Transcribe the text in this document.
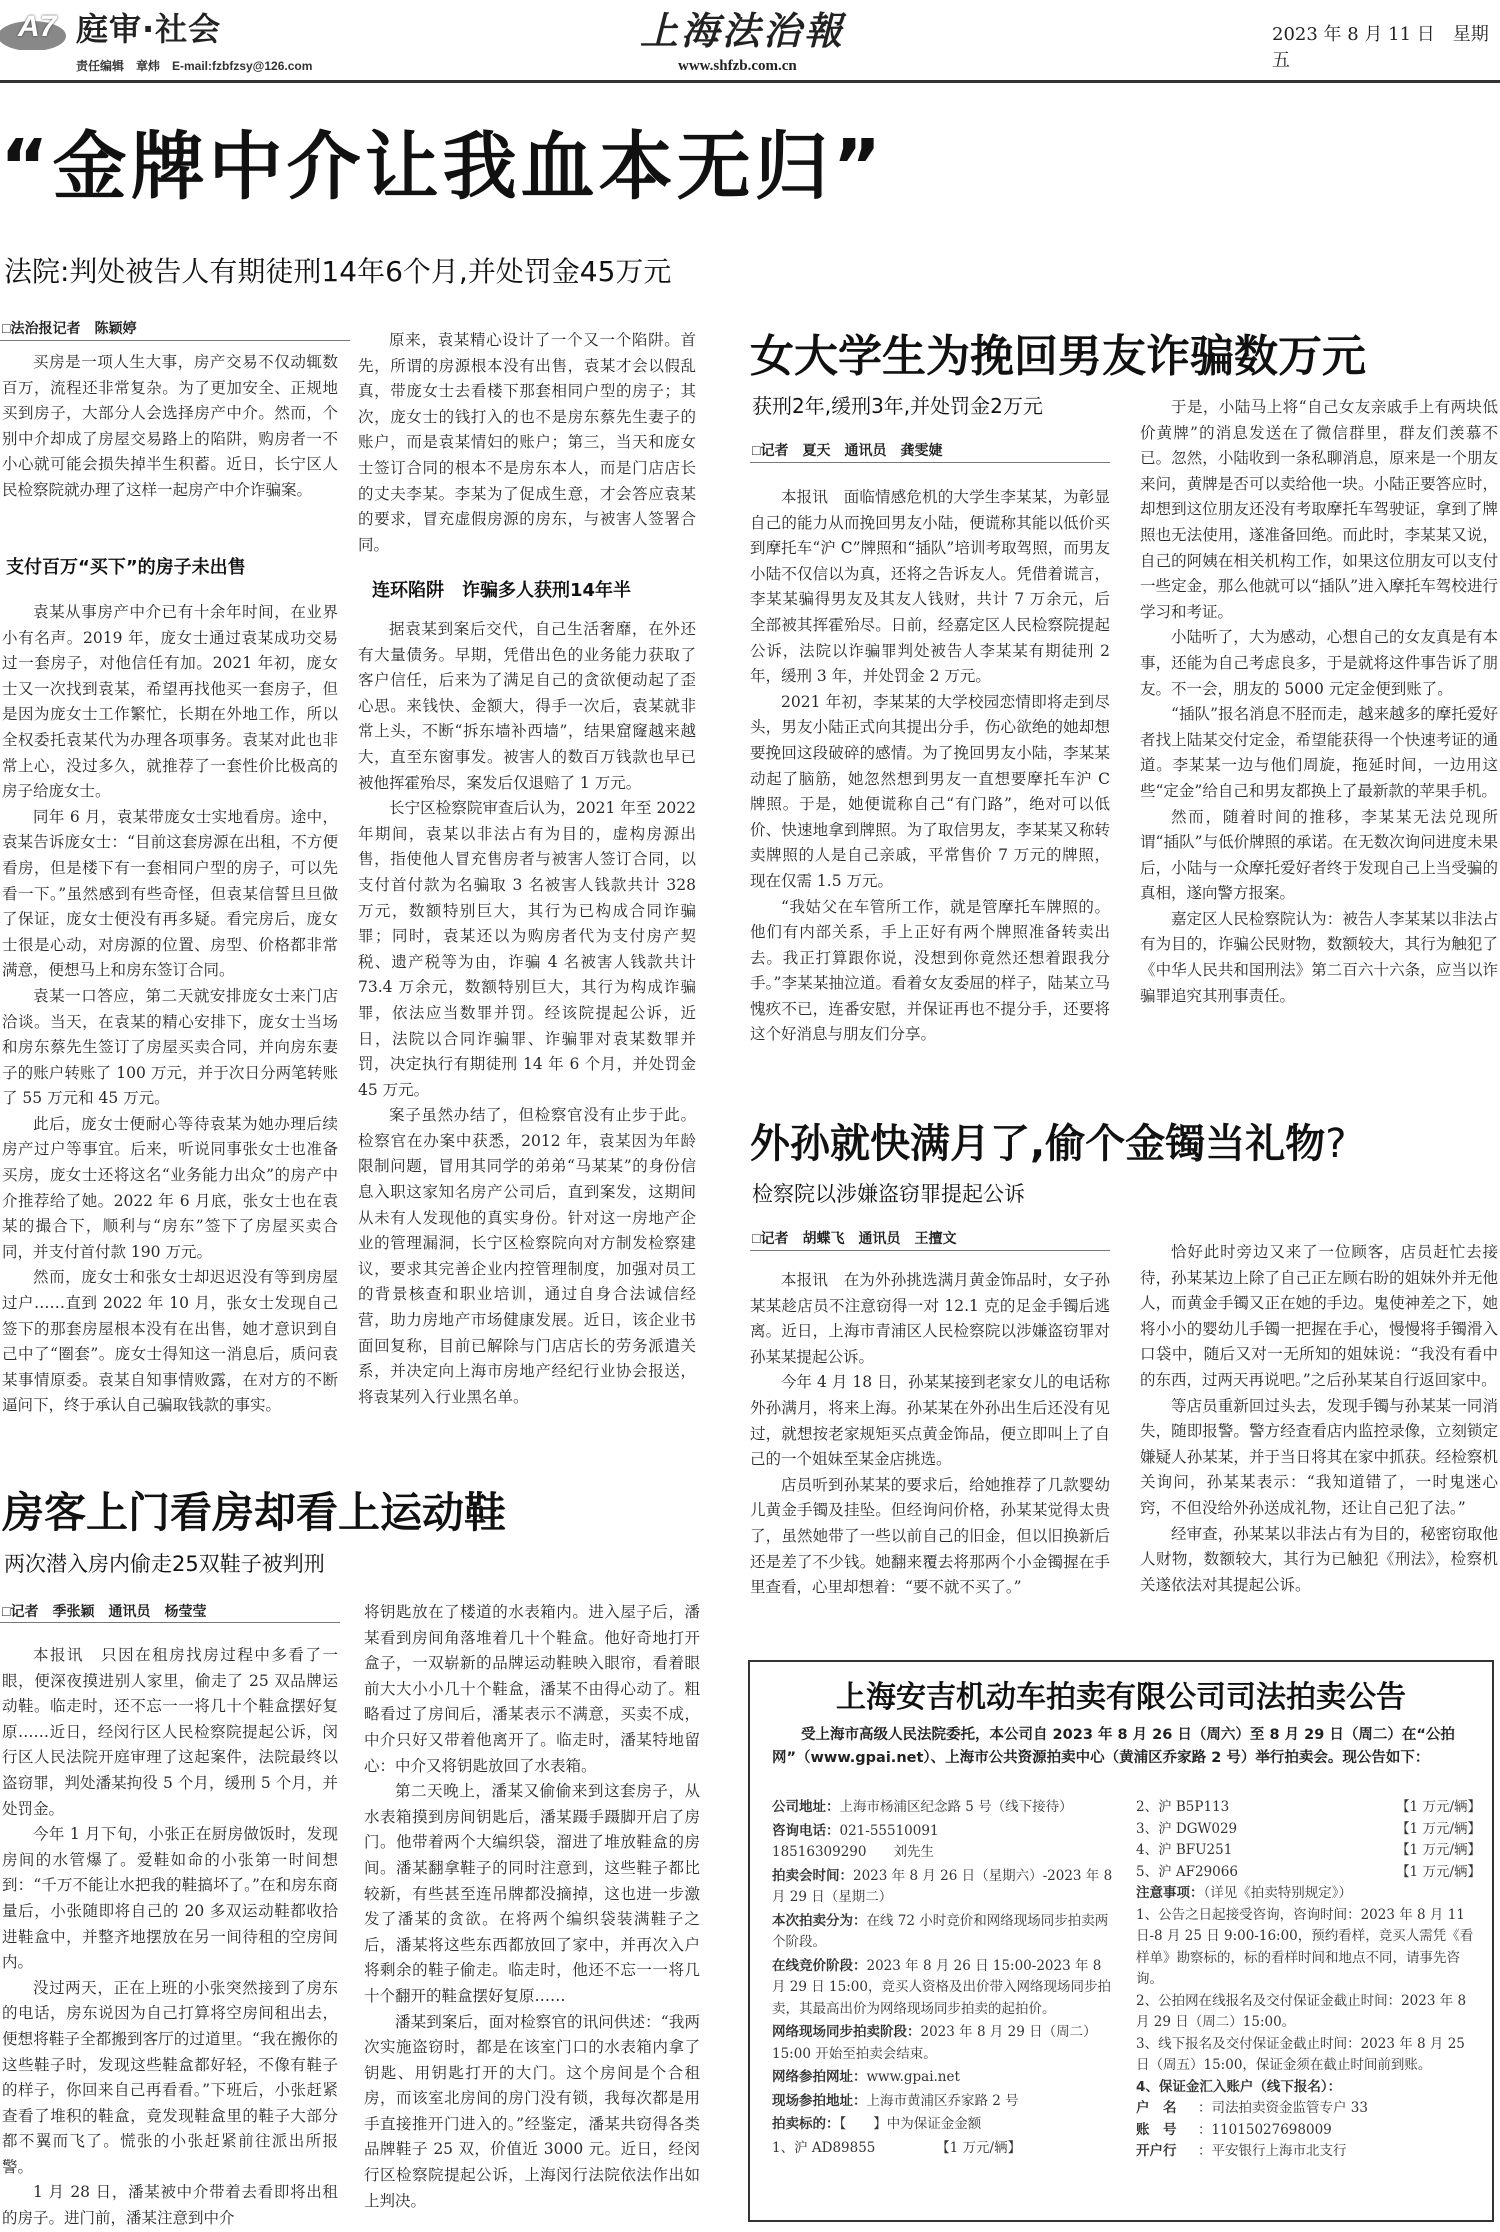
A7 庭审·社会
责任编辑　章炜　E-mail:fzbfzsy@126.com
上海法治報
www.shfzb.com.cn
2023 年 8 月 11 日　星期五
“金牌中介让我血本无归”
法院:判处被告人有期徒刑14年6个月,并处罚金45万元
□法治报记者　陈颖婷

买房是一项人生大事，房产交易不仅动辄数百万，流程还非常复杂。为了更加安全、正规地买到房子，大部分人会选择房产中介。然而，个别中介却成了房屋交易路上的陷阱，购房者一不小心就可能会损失掉半生积蓄。近日，长宁区人民检察院就办理了这样一起房产中介诈骗案。

支付百万“买下”的房子未出售

袁某从事房产中介已有十余年时间，在业界小有名声。2019 年，庞女士通过袁某成功交易过一套房子，对他信任有加。2021 年初，庞女士又一次找到袁某，希望再找他买一套房子，但是因为庞女士工作繁忙，长期在外地工作，所以全权委托袁某代为办理各项事务。袁某对此也非常上心，没过多久，就推荐了一套性价比极高的房子给庞女士。

同年 6 月，袁某带庞女士实地看房。途中，袁某告诉庞女士：“目前这套房源在出租，不方便看房，但是楼下有一套相同户型的房子，可以先看一下。”虽然感到有些奇怪，但袁某信誓旦旦做了保证，庞女士便没有再多疑。看完房后，庞女士很是心动，对房源的位置、房型、价格都非常满意，便想马上和房东签订合同。

袁某一口答应，第二天就安排庞女士来门店洽谈。当天，在袁某的精心安排下，庞女士当场和房东蔡先生签订了房屋买卖合同，并向房东妻子的账户转账了 100 万元，并于次日分两笔转账了 55 万元和 45 万元。

此后，庞女士便耐心等待袁某为她办理后续房产过户等事宜。后来，听说同事张女士也准备买房，庞女士还将这名“业务能力出众”的房产中介推荐给了她。2022 年 6 月底，张女士也在袁某的撮合下，顺利与“房东”签下了房屋买卖合同，并支付首付款 190 万元。

然而，庞女士和张女士却迟迟没有等到房屋过户……直到 2022 年 10 月，张女士发现自己签下的那套房屋根本没有在出售，她才意识到自己中了“圈套”。庞女士得知这一消息后，质问袁某事情原委。袁某自知事情败露，在对方的不断逼问下，终于承认自己骗取钱款的事实。

原来，袁某精心设计了一个又一个陷阱。首先，所谓的房源根本没有出售，袁某才会以假乱真，带庞女士去看楼下那套相同户型的房子；其次，庞女士的钱打入的也不是房东蔡先生妻子的账户，而是袁某情妇的账户；第三，当天和庞女士签订合同的根本不是房东本人，而是门店店长的丈夫李某。李某为了促成生意，才会答应袁某的要求，冒充虚假房源的房东，与被害人签署合同。

连环陷阱　诈骗多人获刑14年半

据袁某到案后交代，自己生活奢靡，在外还有大量债务。早期，凭借出色的业务能力获取了客户信任，后来为了满足自己的贪欲便动起了歪心思。来钱快、金额大，得手一次后，袁某就非常上头，不断“拆东墙补西墙”，结果窟窿越来越大，直至东窗事发。被害人的数百万钱款也早已被他挥霍殆尽，案发后仅退赔了 1 万元。

长宁区检察院审查后认为，2021 年至 2022 年期间，袁某以非法占有为目的，虚构房源出售，指使他人冒充售房者与被害人签订合同，以支付首付款为名骗取 3 名被害人钱款共计 328 万元，数额特别巨大，其行为已构成合同诈骗罪；同时，袁某还以为购房者代为支付房产契税、遗产税等为由，诈骗 4 名被害人钱款共计 73.4 万余元，数额特别巨大，其行为构成诈骗罪，依法应当数罪并罚。经该院提起公诉，近日，法院以合同诈骗罪、诈骗罪对袁某数罪并罚，决定执行有期徒刑 14 年 6 个月，并处罚金 45 万元。

案子虽然办结了，但检察官没有止步于此。检察官在办案中获悉，2012 年，袁某因为年龄限制问题，冒用其同学的弟弟“马某某”的身份信息入职这家知名房产公司后，直到案发，这期间从未有人发现他的真实身份。针对这一房地产企业的管理漏洞，长宁区检察院向对方制发检察建议，要求其完善企业内控管理制度，加强对员工的背景核查和职业培训，通过自身合法诚信经营，助力房地产市场健康发展。近日，该企业书面回复称，目前已解除与门店店长的劳务派遣关系，并决定向上海市房地产经纪行业协会报送，将袁某列入行业黑名单。

女大学生为挽回男友诈骗数万元
获刑2年,缓刑3年,并处罚金2万元
□记者　夏天　通讯员　龚雯婕

本报讯　面临情感危机的大学生李某某，为彰显自己的能力从而挽回男友小陆，便谎称其能以低价买到摩托车“沪 C”牌照和“插队”培训考取驾照，而男友小陆不仅信以为真，还将之告诉友人。凭借着谎言，李某某骗得男友及其友人钱财，共计 7 万余元，后全部被其挥霍殆尽。日前，经嘉定区人民检察院提起公诉，法院以诈骗罪判处被告人李某某有期徒刑 2 年，缓刑 3 年，并处罚金 2 万元。

2021 年初，李某某的大学校园恋情即将走到尽头，男友小陆正式向其提出分手，伤心欲绝的她却想要挽回这段破碎的感情。为了挽回男友小陆，李某某动起了脑筋，她忽然想到男友一直想要摩托车沪 C 牌照。于是，她便谎称自己“有门路”，绝对可以低价、快速地拿到牌照。为了取信男友，李某某又称转卖牌照的人是自己亲戚，平常售价 7 万元的牌照，现在仅需 1.5 万元。

“我姑父在车管所工作，就是管摩托车牌照的。他们有内部关系，手上正好有两个牌照准备转卖出去。我正打算跟你说，没想到你竟然还想着跟我分手。”李某某抽泣道。看着女友委屈的样子，陆某立马愧疚不已，连番安慰，并保证再也不提分手，还要将这个好消息与朋友们分享。

于是，小陆马上将“自己女友亲戚手上有两块低价黄牌”的消息发送在了微信群里，群友们羡慕不已。忽然，小陆收到一条私聊消息，原来是一个朋友来问，黄牌是否可以卖给他一块。小陆正要答应时，却想到这位朋友还没有考取摩托车驾驶证，拿到了牌照也无法使用，遂准备回绝。而此时，李某某又说，自己的阿姨在相关机构工作，如果这位朋友可以支付一些定金，那么他就可以“插队”进入摩托车驾校进行学习和考证。

小陆听了，大为感动，心想自己的女友真是有本事，还能为自己考虑良多，于是就将这件事告诉了朋友。不一会，朋友的 5000 元定金便到账了。

“插队”报名消息不胫而走，越来越多的摩托爱好者找上陆某交付定金，希望能获得一个快速考证的通道。李某某一边与他们周旋，拖延时间，一边用这些“定金”给自己和男友都换上了最新款的苹果手机。

然而，随着时间的推移，李某某无法兑现所谓“插队”与低价牌照的承诺。在无数次询问进度未果后，小陆与一众摩托爱好者终于发现自己上当受骗的真相，遂向警方报案。

嘉定区人民检察院认为：被告人李某某以非法占有为目的，诈骗公民财物，数额较大，其行为触犯了《中华人民共和国刑法》第二百六十六条，应当以诈骗罪追究其刑事责任。

外孙就快满月了,偷个金镯当礼物?
检察院以涉嫌盗窃罪提起公诉
□记者　胡蝶飞　通讯员　王擅文

本报讯　在为外孙挑选满月黄金饰品时，女子孙某某趁店员不注意窃得一对 12.1 克的足金手镯后逃离。近日，上海市青浦区人民检察院以涉嫌盗窃罪对孙某某提起公诉。

今年 4 月 18 日，孙某某接到老家女儿的电话称外孙满月，将来上海。孙某某在外孙出生后还没有见过，就想按老家规矩买点黄金饰品，便立即叫上了自己的一个姐妹至某金店挑选。

店员听到孙某某的要求后，给她推荐了几款婴幼儿黄金手镯及挂坠。但经询问价格，孙某某觉得太贵了，虽然她带了一些以前自己的旧金，但以旧换新后还是差了不少钱。她翻来覆去将那两个小金镯握在手里查看，心里却想着：“要不就不买了。”

恰好此时旁边又来了一位顾客，店员赶忙去接待，孙某某边上除了自己正左顾右盼的姐妹外并无他人，而黄金手镯又正在她的手边。鬼使神差之下，她将小小的婴幼儿手镯一把握在手心，慢慢将手镯滑入口袋中，随后又对一无所知的姐妹说：“我没有看中的东西，过两天再说吧。”之后孙某某自行返回家中。

等店员重新回过头去，发现手镯与孙某某一同消失，随即报警。警方经查看店内监控录像，立刻锁定嫌疑人孙某某，并于当日将其在家中抓获。经检察机关询问，孙某某表示：“我知道错了，一时鬼迷心窍，不但没给外孙送成礼物，还让自己犯了法。”

经审查，孙某某以非法占有为目的，秘密窃取他人财物，数额较大，其行为已触犯《刑法》，检察机关遂依法对其提起公诉。

房客上门看房却看上运动鞋
两次潜入房内偷走25双鞋子被判刑
□记者　季张颖　通讯员　杨莹莹

本报讯　只因在租房找房过程中多看了一眼，便深夜摸进别人家里，偷走了 25 双品牌运动鞋。临走时，还不忘一一将几十个鞋盒摆好复原……近日，经闵行区人民检察院提起公诉，闵行区人民法院开庭审理了这起案件，法院最终以盗窃罪，判处潘某拘役 5 个月，缓刑 5 个月，并处罚金。

今年 1 月下旬，小张正在厨房做饭时，发现房间的水管爆了。爱鞋如命的小张第一时间想到：“千万不能让水把我的鞋搞坏了。”在和房东商量后，小张随即将自己的 20 多双运动鞋都收拾进鞋盒中，并整齐地摆放在另一间待租的空房间内。

没过两天，正在上班的小张突然接到了房东的电话，房东说因为自己打算将空房间租出去，便想将鞋子全都搬到客厅的过道里。“我在搬你的这些鞋子时，发现这些鞋盒都好轻，不像有鞋子的样子，你回来自己再看看。”下班后，小张赶紧查看了堆积的鞋盒，竟发现鞋盒里的鞋子大部分都不翼而飞了。慌张的小张赶紧前往派出所报警。

1 月 28 日，潘某被中介带着去看即将出租的房子。进门前，潘某注意到中介

将钥匙放在了楼道的水表箱内。进入屋子后，潘某看到房间角落堆着几十个鞋盒。他好奇地打开盒子，一双崭新的品牌运动鞋映入眼帘，看着眼前大大小小几十个鞋盒，潘某不由得心动了。粗略看过了房间后，潘某表示不满意，买卖不成，中介只好又带着他离开了。临走时，潘某特地留心：中介又将钥匙放回了水表箱。

第二天晚上，潘某又偷偷来到这套房子，从水表箱摸到房间钥匙后，潘某蹑手蹑脚开启了房门。他带着两个大编织袋，溜进了堆放鞋盒的房间。潘某翻拿鞋子的同时注意到，这些鞋子都比较新，有些甚至连吊牌都没摘掉，这也进一步激发了潘某的贪欲。在将两个编织袋装满鞋子之后，潘某将这些东西都放回了家中，并再次入户将剩余的鞋子偷走。临走时，他还不忘一一将几十个翻开的鞋盒摆好复原……

潘某到案后，面对检察官的讯问供述：“我两次实施盗窃时，都是在该室门口的水表箱内拿了钥匙、用钥匙打开的大门。这个房间是个合租房，而该室北房间的房门没有锁，我每次都是用手直接推开门进入的。”经鉴定，潘某共窃得各类品牌鞋子 25 双，价值近 3000 元。近日，经闵行区检察院提起公诉，上海闵行法院依法作出如上判决。

上海安吉机动车拍卖有限公司司法拍卖公告
受上海市高级人民法院委托，本公司自 2023 年 8 月 26 日（周六）至 8 月 29 日（周二）在“公拍网”（www.gpai.net）、上海市公共资源拍卖中心（黄浦区乔家路 2 号）举行拍卖会。现公告如下：
公司地址：上海市杨浦区纪念路 5 号（线下接待）
咨询电话：021-55510091
18516309290　　刘先生
拍卖会时间：2023 年 8 月 26 日（星期六）-2023 年 8 月 29 日（星期二）
本次拍卖分为：在线 72 小时竞价和网络现场同步拍卖两个阶段。
在线竞价阶段：2023 年 8 月 26 日 15:00-2023 年 8 月 29 日 15:00，竞买人资格及出价带入网络现场同步拍卖，其最高出价为网络现场同步拍卖的起拍价。
网络现场同步拍卖阶段：2023 年 8 月 29 日（周二）15:00 开始至拍卖会结束。
网络参拍网址：www.gpai.net
现场参拍地址：上海市黄浦区乔家路 2 号
拍卖标的：【　　】中为保证金金额
1、沪 AD89855　　　　　【1 万元/辆】
2、沪 B5P113	【1 万元/辆】
3、沪 DGW029	【1 万元/辆】
4、沪 BFU251	【1 万元/辆】
5、沪 AF29066	【1 万元/辆】
注意事项：（详见《拍卖特别规定》）
1、公告之日起接受咨询，咨询时间：2023 年 8 月 11 日-8 月 25 日 9:00-16:00，预约看样，竞买人需凭《看样单》勘察标的，标的看样时间和地点不同，请事先咨询。
2、公拍网在线报名及交付保证金截止时间：2023 年 8 月 29 日（周二）15:00。
3、线下报名及交付保证金截止时间：2023 年 8 月 25 日（周五）15:00，保证金须在截止时间前到账。
4、保证金汇入账户（线下报名）：
户　名 ：司法拍卖资金监管专户 33
账　号 ：11015027698009
开户行 ：平安银行上海市北支行
